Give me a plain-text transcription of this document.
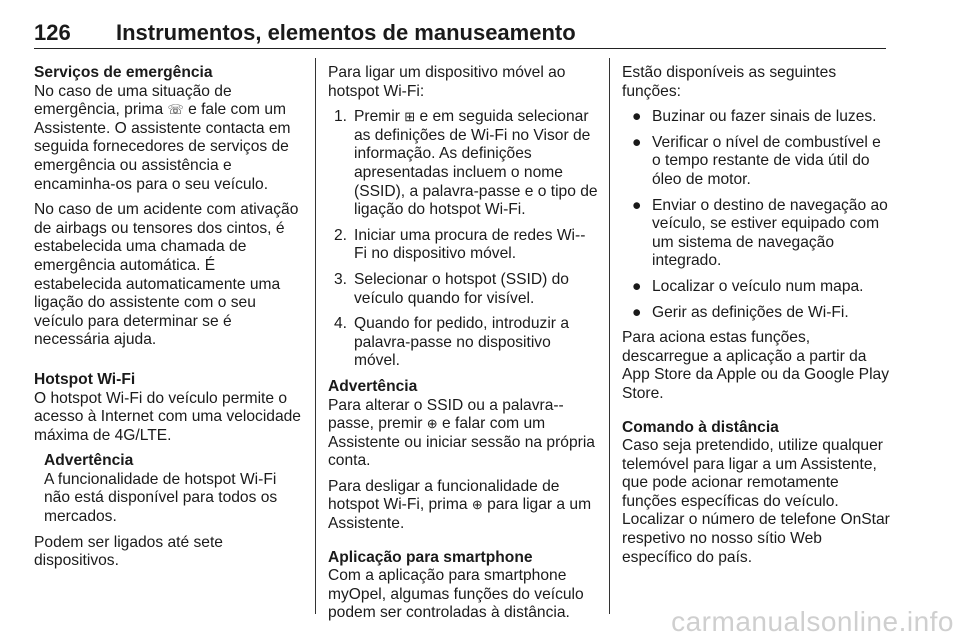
126 Instrumentos, elementos de manuseamento
Serviços de emergência

No caso de uma situação de emergência, prima ☏ e fale com um Assistente. O assistente contacta em seguida fornecedores de serviços de emergência ou assistência e encaminha-os para o seu veículo.

No caso de um acidente com ativação de airbags ou tensores dos cintos, é estabelecida uma chamada de emergência automática. É estabelecida automaticamente uma ligação do assistente com o seu veículo para determinar se é necessária ajuda.

Hotspot Wi-Fi

O hotspot Wi-Fi do veículo permite o acesso à Internet com uma velocidade máxima de 4G/LTE.

Advertência
A funcionalidade de hotspot Wi-Fi não está disponível para todos os mercados.

Podem ser ligados até sete dispositivos.

Para ligar um dispositivo móvel ao hotspot Wi-Fi:

1. Premir ⊞ e em seguida selecionar as definições de Wi-Fi no Visor de informação. As definições apresentadas incluem o nome (SSID), a palavra-passe e o tipo de ligação do hotspot Wi-Fi.
2. Iniciar uma procura de redes Wi--Fi no dispositivo móvel.
3. Selecionar o hotspot (SSID) do veículo quando for visível.
4. Quando for pedido, introduzir a palavra-passe no dispositivo móvel.
Advertência
Para alterar o SSID ou a palavra--passe, premir ⊕ e falar com um Assistente ou iniciar sessão na própria conta.

Para desligar a funcionalidade de hotspot Wi-Fi, prima ⊕ para ligar a um Assistente.

Aplicação para smartphone

Com a aplicação para smartphone myOpel, algumas funções do veículo podem ser controladas à distância.

Estão disponíveis as seguintes funções:

● Buzinar ou fazer sinais de luzes.
● Verificar o nível de combustível e o tempo restante de vida útil do óleo de motor.
● Enviar o destino de navegação ao veículo, se estiver equipado com um sistema de navegação integrado.
● Localizar o veículo num mapa.
● Gerir as definições de Wi-Fi.

Para aciona estas funções, descarregue a aplicação a partir da App Store da Apple ou da Google Play Store.

Comando à distância

Caso seja pretendido, utilize qualquer telemóvel para ligar a um Assistente, que pode acionar remotamente funções específicas do veículo. Localizar o número de telefone OnStar respetivo no nosso sítio Web específico do país.

carmanualsonline.info
